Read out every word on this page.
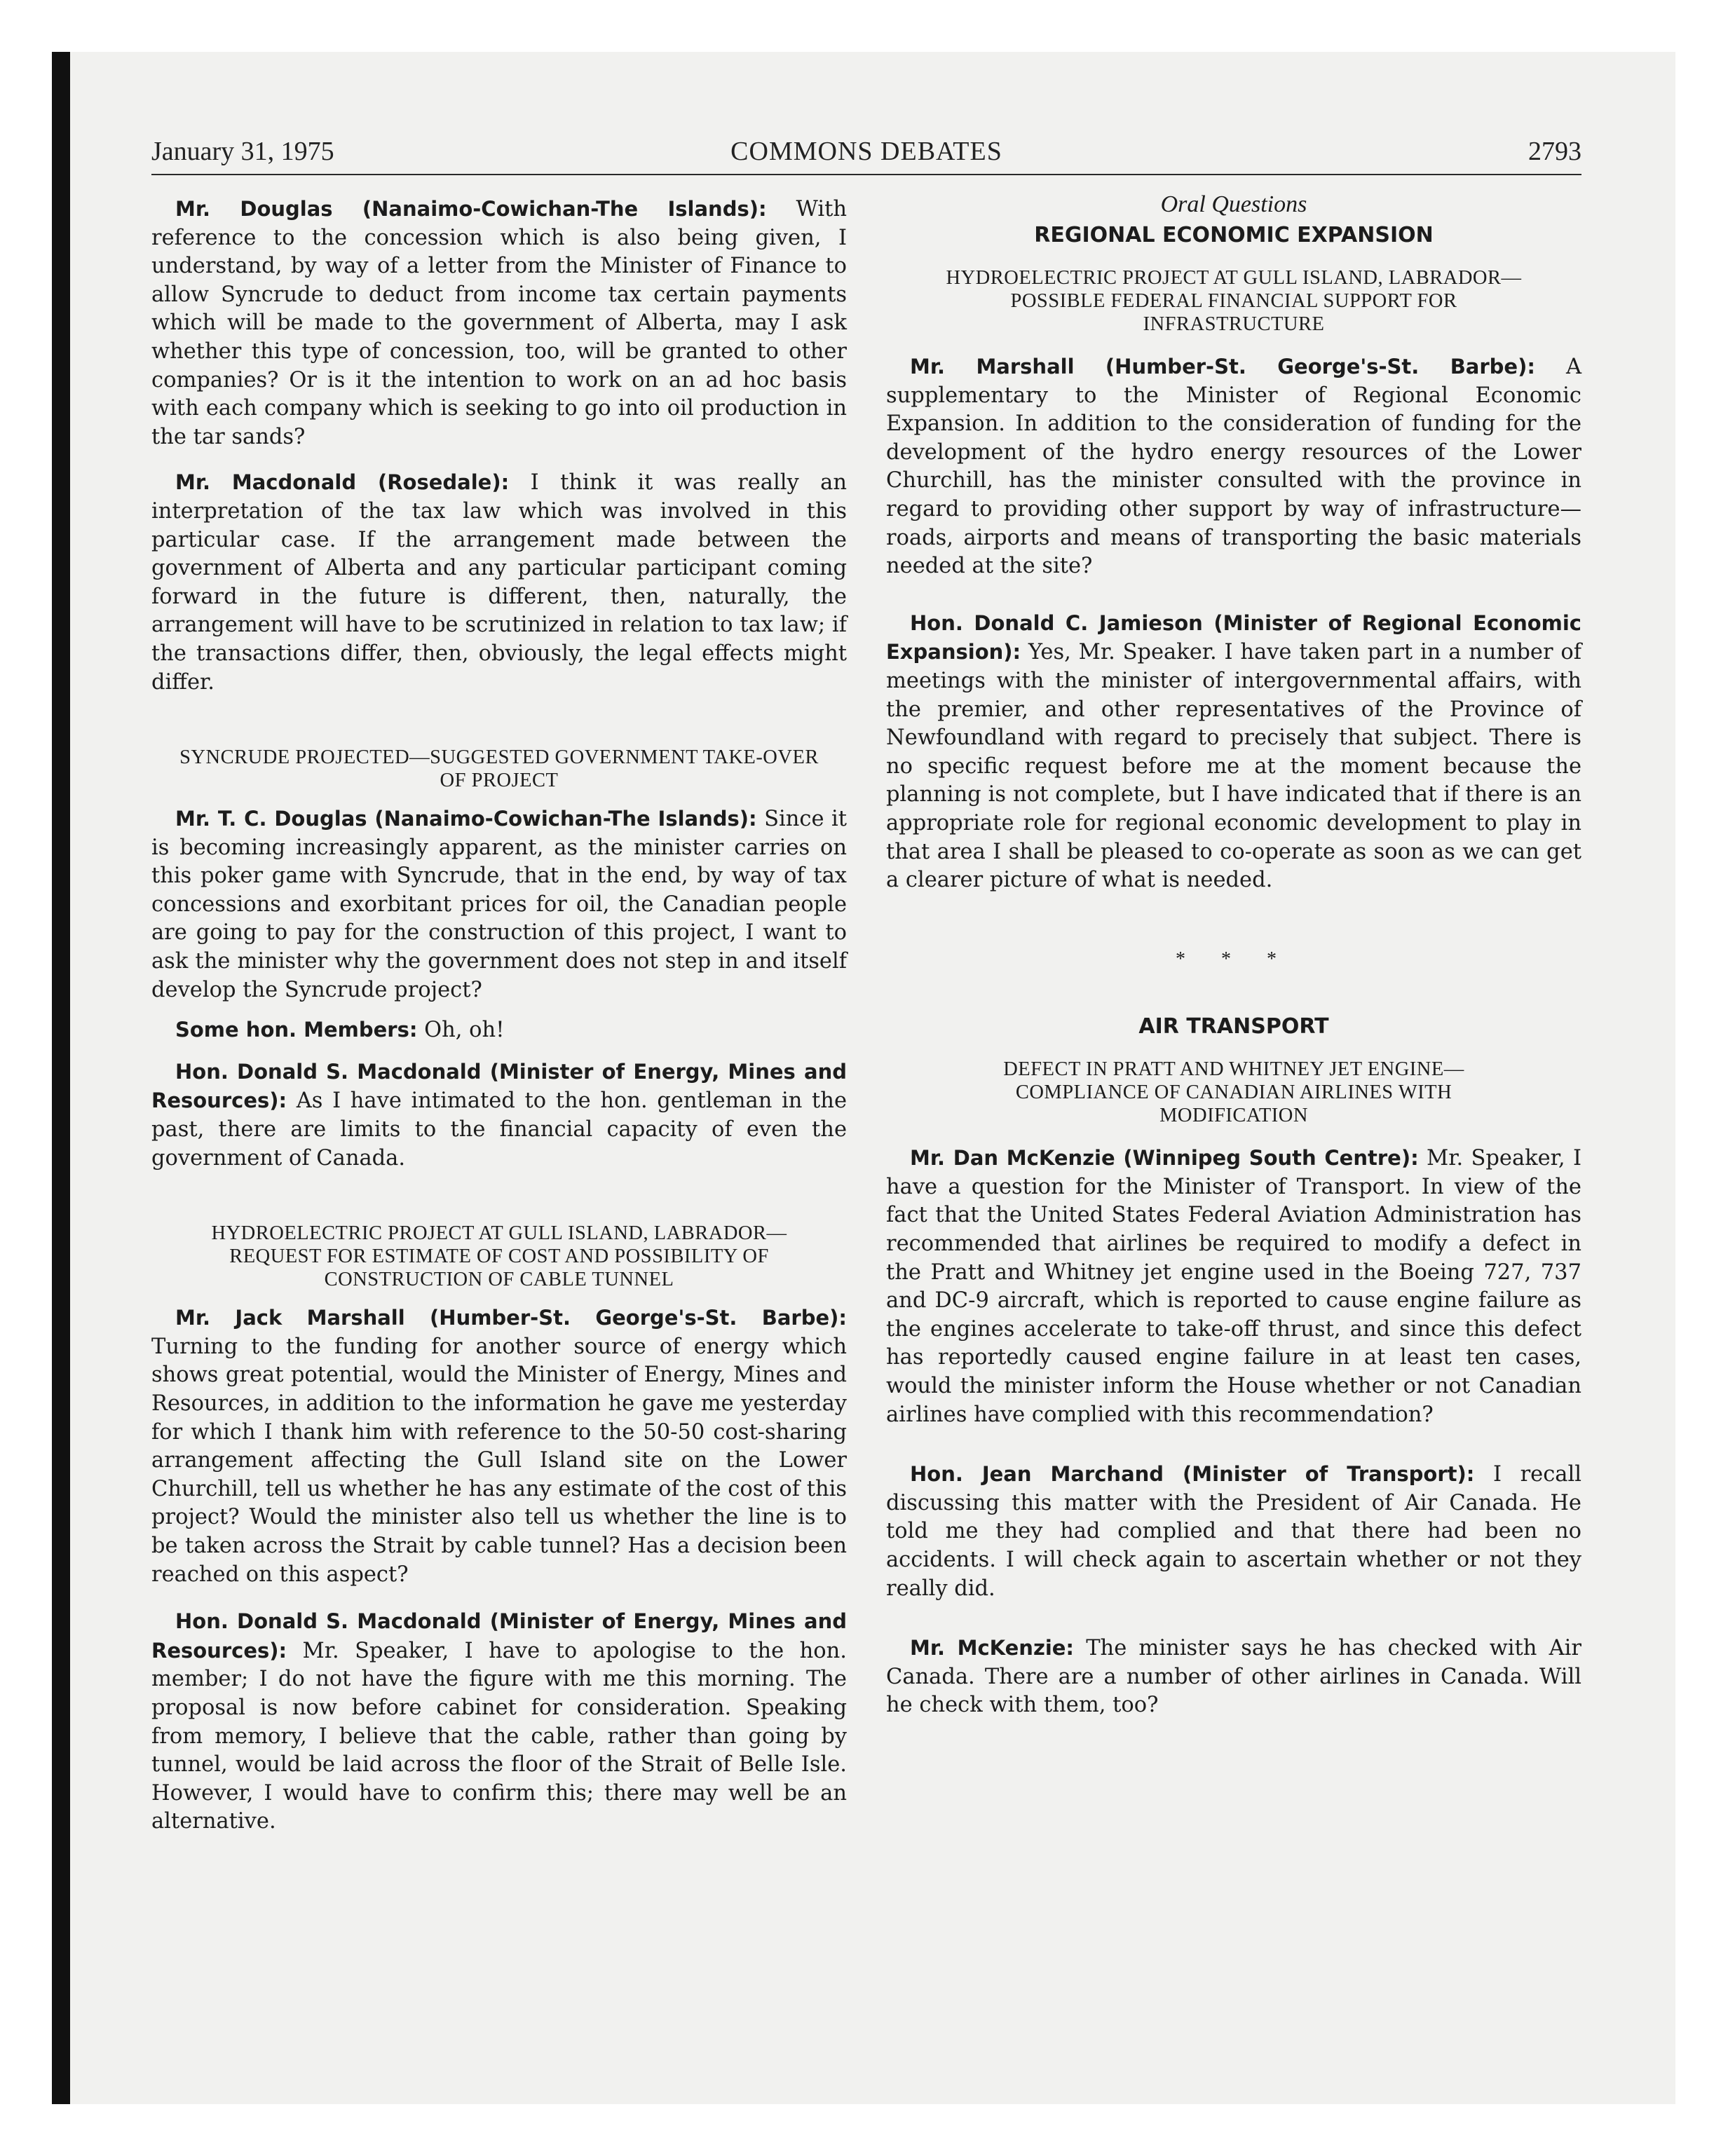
January 31, 1975	COMMONS DEBATES	2793

Mr. Douglas (Nanaimo-Cowichan-The Islands): With reference to the concession which is also being given, I understand, by way of a letter from the Minister of Finance to allow Syncrude to deduct from income tax certain payments which will be made to the government of Alberta, may I ask whether this type of concession, too, will be granted to other companies? Or is it the intention to work on an ad hoc basis with each company which is seeking to go into oil production in the tar sands?

Mr. Macdonald (Rosedale): I think it was really an interpretation of the tax law which was involved in this particular case. If the arrangement made between the government of Alberta and any particular participant coming forward in the future is different, then, naturally, the arrangement will have to be scrutinized in relation to tax law; if the transactions differ, then, obviously, the legal effects might differ.

SYNCRUDE PROJECTED—SUGGESTED GOVERNMENT TAKE-OVER OF PROJECT

Mr. T. C. Douglas (Nanaimo-Cowichan-The Islands): Since it is becoming increasingly apparent, as the minister carries on this poker game with Syncrude, that in the end, by way of tax concessions and exorbitant prices for oil, the Canadian people are going to pay for the construction of this project, I want to ask the minister why the government does not step in and itself develop the Syncrude project?

Some hon. Members: Oh, oh!

Hon. Donald S. Macdonald (Minister of Energy, Mines and Resources): As I have intimated to the hon. gentleman in the past, there are limits to the financial capacity of even the government of Canada.

HYDROELECTRIC PROJECT AT GULL ISLAND, LABRADOR—REQUEST FOR ESTIMATE OF COST AND POSSIBILITY OF CONSTRUCTION OF CABLE TUNNEL

Mr. Jack Marshall (Humber-St. George's-St. Barbe): Turning to the funding for another source of energy which shows great potential, would the Minister of Energy, Mines and Resources, in addition to the information he gave me yesterday for which I thank him with reference to the 50-50 cost-sharing arrangement affecting the Gull Island site on the Lower Churchill, tell us whether he has any estimate of the cost of this project? Would the minister also tell us whether the line is to be taken across the Strait by cable tunnel? Has a decision been reached on this aspect?

Hon. Donald S. Macdonald (Minister of Energy, Mines and Resources): Mr. Speaker, I have to apologise to the hon. member; I do not have the figure with me this morning. The proposal is now before cabinet for consideration. Speaking from memory, I believe that the cable, rather than going by tunnel, would be laid across the floor of the Strait of Belle Isle. However, I would have to confirm this; there may well be an alternative.

Oral Questions

REGIONAL ECONOMIC EXPANSION

HYDROELECTRIC PROJECT AT GULL ISLAND, LABRADOR—POSSIBLE FEDERAL FINANCIAL SUPPORT FOR INFRASTRUCTURE

Mr. Marshall (Humber-St. George's-St. Barbe): A supplementary to the Minister of Regional Economic Expansion. In addition to the consideration of funding for the development of the hydro energy resources of the Lower Churchill, has the minister consulted with the province in regard to providing other support by way of infrastructure—roads, airports and means of transporting the basic materials needed at the site?

Hon. Donald C. Jamieson (Minister of Regional Economic Expansion): Yes, Mr. Speaker. I have taken part in a number of meetings with the minister of intergovernmental affairs, with the premier, and other representatives of the Province of Newfoundland with regard to precisely that subject. There is no specific request before me at the moment because the planning is not complete, but I have indicated that if there is an appropriate role for regional economic development to play in that area I shall be pleased to co-operate as soon as we can get a clearer picture of what is needed.

* * *

AIR TRANSPORT

DEFECT IN PRATT AND WHITNEY JET ENGINE—COMPLIANCE OF CANADIAN AIRLINES WITH MODIFICATION

Mr. Dan McKenzie (Winnipeg South Centre): Mr. Speaker, I have a question for the Minister of Transport. In view of the fact that the United States Federal Aviation Administration has recommended that airlines be required to modify a defect in the Pratt and Whitney jet engine used in the Boeing 727, 737 and DC-9 aircraft, which is reported to cause engine failure as the engines accelerate to take-off thrust, and since this defect has reportedly caused engine failure in at least ten cases, would the minister inform the House whether or not Canadian airlines have complied with this recommendation?

Hon. Jean Marchand (Minister of Transport): I recall discussing this matter with the President of Air Canada. He told me they had complied and that there had been no accidents. I will check again to ascertain whether or not they really did.

Mr. McKenzie: The minister says he has checked with Air Canada. There are a number of other airlines in Canada. Will he check with them, too?
